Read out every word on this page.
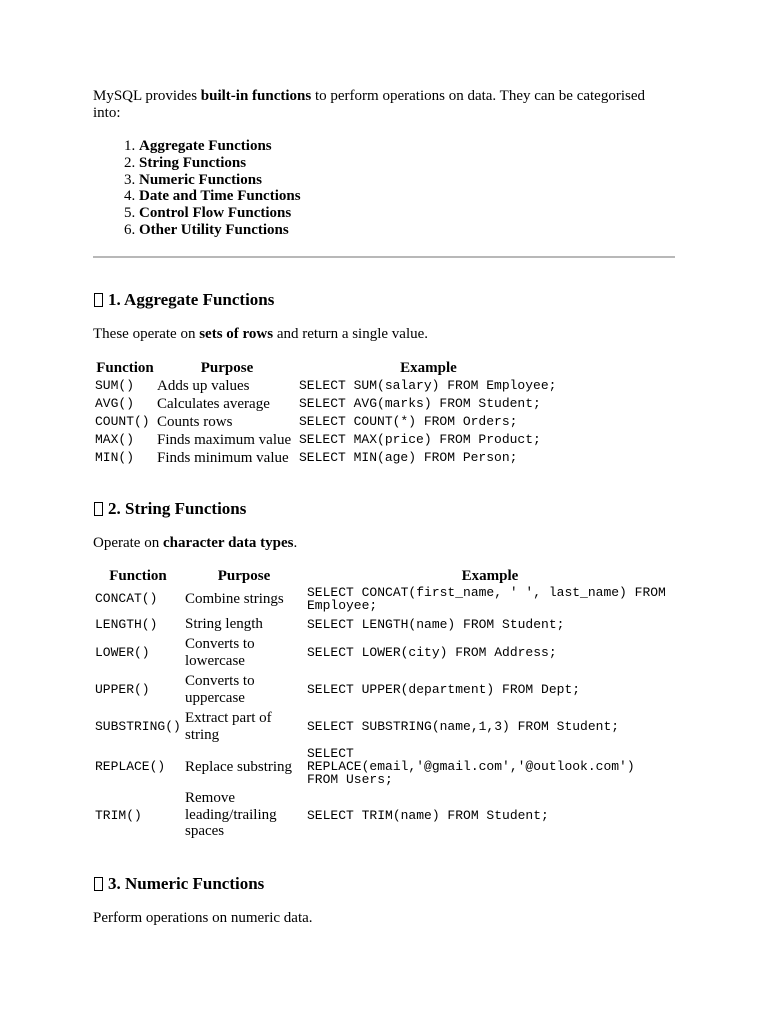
MySQL provides built-in functions to perform operations on data. They can be categorised into:

1. Aggregate Functions
2. String Functions
3. Numeric Functions
4. Date and Time Functions
5. Control Flow Functions
6. Other Utility Functions
1. Aggregate Functions

These operate on sets of rows and return a single value.

Function	Purpose	Example
SUM()	Adds up values	SELECT SUM(salary) FROM Employee;
AVG()	Calculates average	SELECT AVG(marks) FROM Student;
COUNT()	Counts rows	SELECT COUNT(*) FROM Orders;
MAX()	Finds maximum value	SELECT MAX(price) FROM Product;
MIN()	Finds minimum value	SELECT MIN(age) FROM Person;
2. String Functions

Operate on character data types.

Function	Purpose	Example
CONCAT()	Combine strings	SELECT CONCAT(first_name, ' ', last_name) FROM Employee;
LENGTH()	String length	SELECT LENGTH(name) FROM Student;
LOWER()	Converts to lowercase	SELECT LOWER(city) FROM Address;
UPPER()	Converts to uppercase	SELECT UPPER(department) FROM Dept;
SUBSTRING()	Extract part of string	SELECT SUBSTRING(name,1,3) FROM Student;
REPLACE()	Replace substring	SELECT REPLACE(email,'@gmail.com','@outlook.com') FROM Users;
TRIM()	Remove leading/trailing spaces	SELECT TRIM(name) FROM Student;
3. Numeric Functions

Perform operations on numeric data.
